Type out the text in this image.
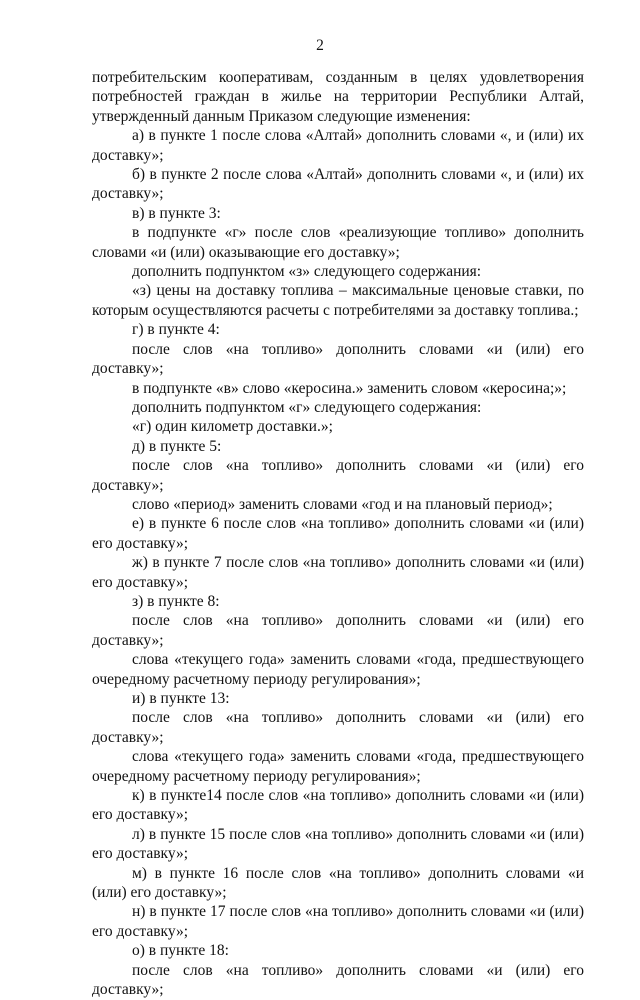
2

потребительским кооперативам, созданным в целях удовлетворения потребностей граждан в жилье на территории Республики Алтай, утвержденный данным Приказом следующие изменения:

а) в пункте 1 после слова «Алтай» дополнить словами «, и (или) их доставку»;

б) в пункте 2 после слова «Алтай» дополнить словами «, и (или) их доставку»;

в) в пункте 3:

в подпункте «г» после слов «реализующие топливо» дополнить словами «и (или) оказывающие его доставку»;

дополнить подпунктом «з» следующего содержания:

«з) цены на доставку топлива – максимальные ценовые ставки, по которым осуществляются расчеты с потребителями за доставку топлива.;

г) в пункте 4:

после слов «на топливо» дополнить словами «и (или) его доставку»;

в подпункте «в» слово «керосина.» заменить словом «керосина;»;

дополнить подпунктом «г» следующего содержания:

«г) один километр доставки.»;

д) в пункте 5:

после слов «на топливо» дополнить словами «и (или) его доставку»;

слово «период» заменить словами «год и на плановый период»;

е) в пункте 6 после слов «на топливо» дополнить словами «и (или) его доставку»;

ж) в пункте 7 после слов «на топливо» дополнить словами «и (или) его доставку»;

з) в пункте 8:

после слов «на топливо» дополнить словами «и (или) его доставку»;

слова «текущего года» заменить словами «года, предшествующего очередному расчетному периоду регулирования»;

и) в пункте 13:

после слов «на топливо» дополнить словами «и (или) его доставку»;

слова «текущего года» заменить словами «года, предшествующего очередному расчетному периоду регулирования»;

к) в пункте14 после слов «на топливо» дополнить словами «и (или) его доставку»;

л) в пункте 15 после слов «на топливо» дополнить словами «и (или) его доставку»;

м) в пункте 16 после слов «на топливо» дополнить словами «и (или) его доставку»;

н) в пункте 17 после слов «на топливо» дополнить словами «и (или) его доставку»;

о) в пункте 18:

после слов «на топливо» дополнить словами «и (или) его доставку»;
